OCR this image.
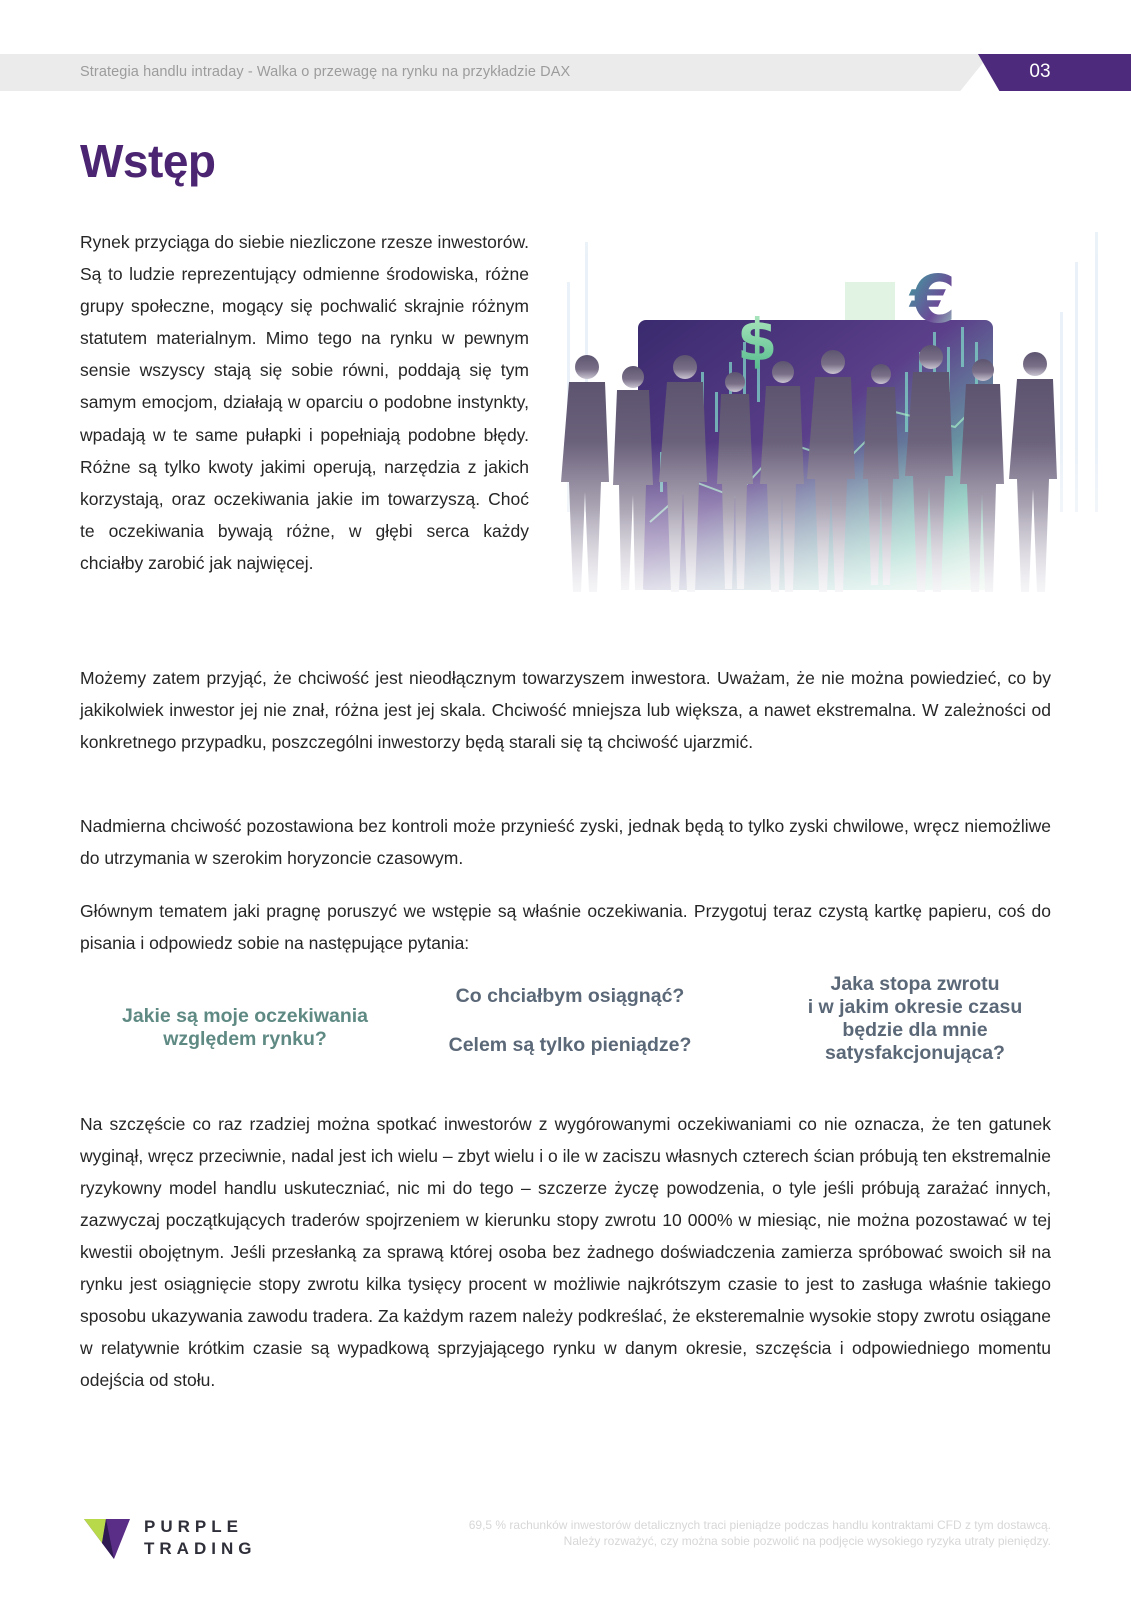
Strategia handlu intraday - Walka o przewagę na rynku na przykładzie DAX	03
Wstęp

Rynek przyciąga do siebie niezliczone rzesze inwestorów. Są to ludzie reprezentujący odmienne środowiska, różne grupy społeczne, mogący się pochwalić skrajnie różnym statutem materialnym. Mimo tego na rynku w pewnym sensie wszyscy stają się sobie równi, poddają się tym samym emocjom, działają w oparciu o podobne instynkty, wpadają w te same pułapki i popełniają podobne błędy. Różne są tylko kwoty jakimi operują, narzędzia z jakich korzystają, oraz oczekiwania jakie im towarzyszą. Choć te oczekiwania bywają różne, w głębi serca każdy chciałby zarobić jak najwięcej.

Możemy zatem przyjąć, że chciwość jest nieodłącznym towarzyszem inwestora. Uważam, że nie można powiedzieć, co by jakikolwiek inwestor jej nie znał, różna jest jej skala. Chciwość mniejsza lub większa, a nawet ekstremalna. W zależności od konkretnego przypadku, poszczególni inwestorzy będą starali się tą chciwość ujarzmić.

Nadmierna chciwość pozostawiona bez kontroli może przynieść zyski, jednak będą to tylko zyski chwilowe, wręcz niemożliwe do utrzymania w szerokim horyzoncie czasowym.

Głównym tematem jaki pragnę poruszyć we wstępie są właśnie oczekiwania. Przygotuj teraz czystą kartkę papieru, coś do pisania i odpowiedz sobie na następujące pytania:

Jakie są moje oczekiwania
względem rynku?
Co chciałbym osiągnąć?
Celem są tylko pieniądze?
Jaka stopa zwrotu
i w jakim okresie czasu
będzie dla mnie
satysfakcjonująca?

Na szczęście co raz rzadziej można spotkać inwestorów z wygórowanymi oczekiwaniami co nie oznacza, że ten gatunek wyginął, wręcz przeciwnie, nadal jest ich wielu – zbyt wielu i o ile w zaciszu własnych czterech ścian próbują ten ekstremalnie ryzykowny model handlu uskuteczniać, nic mi do tego – szczerze życzę powodzenia, o tyle jeśli próbują zarażać innych, zazwyczaj początkujących traderów spojrzeniem w kierunku stopy zwrotu 10 000% w miesiąc, nie można pozostawać w tej kwestii obojętnym. Jeśli przesłanką za sprawą której osoba bez żadnego doświadczenia zamierza spróbować swoich sił na rynku jest osiągnięcie stopy zwrotu kilka tysięcy procent w możliwie najkrótszym czasie to jest to zasługa właśnie takiego sposobu ukazywania zawodu tradera. Za każdym razem należy podkreślać, że eksteremalnie wysokie stopy zwrotu osiągane w relatywnie krótkim czasie są wypadkową sprzyjającego rynku w danym okresie, szczęścia i odpowiedniego momentu odejścia od stołu.

PURPLE
TRADING
69,5 % rachunków inwestorów detalicznych traci pieniądze podczas handlu kontraktami CFD z tym dostawcą.
Należy rozważyć, czy można sobie pozwolić na podjęcie wysokiego ryzyka utraty pieniędzy.
